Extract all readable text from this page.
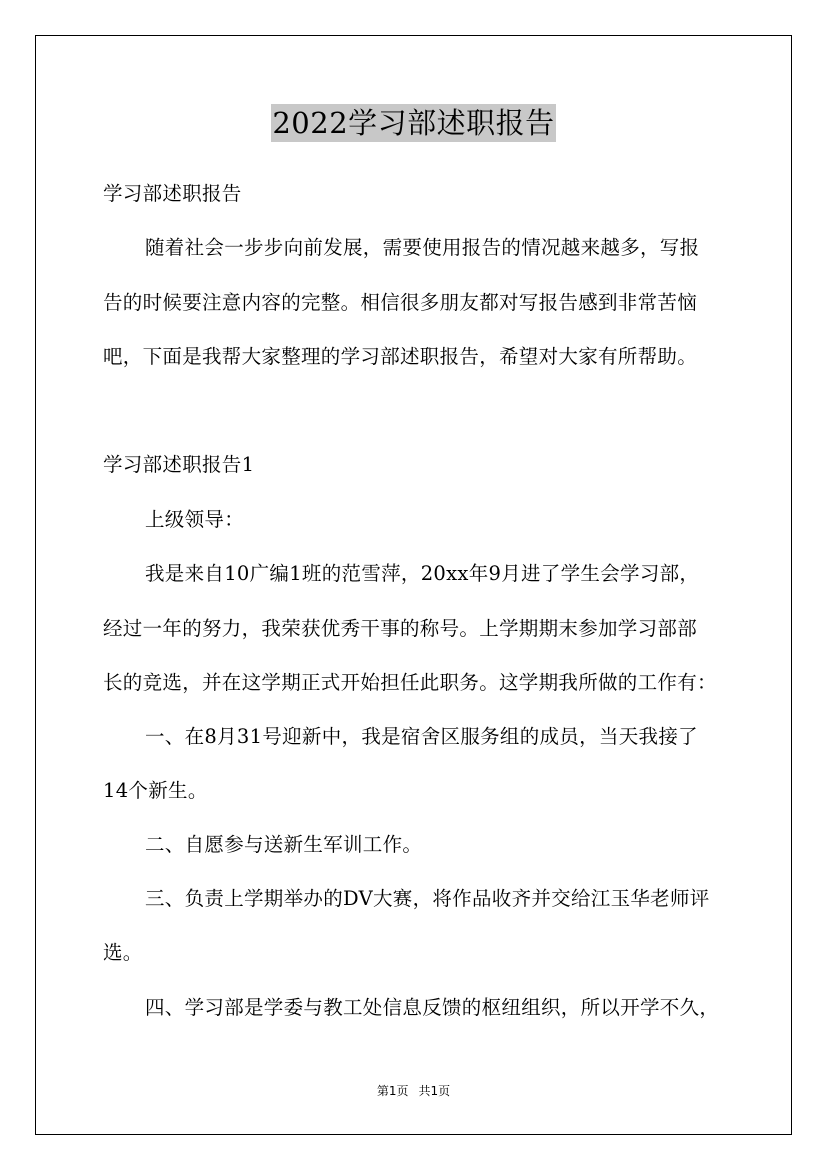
2022学习部述职报告
学习部述职报告
随着社会一步步向前发展，需要使用报告的情况越来越多，写报
告的时候要注意内容的完整。相信很多朋友都对写报告感到非常苦恼
吧，下面是我帮大家整理的学习部述职报告，希望对大家有所帮助。
学习部述职报告1
上级领导：
我是来自10广编1班的范雪萍，20xx年9月进了学生会学习部，
经过一年的努力，我荣获优秀干事的称号。上学期期末参加学习部部
长的竞选，并在这学期正式开始担任此职务。这学期我所做的工作有：
一、在8月31号迎新中，我是宿舍区服务组的成员，当天我接了
14个新生。
二、自愿参与送新生军训工作。
三、负责上学期举办的DV大赛，将作品收齐并交给江玉华老师评
选。
四、学习部是学委与教工处信息反馈的枢纽组织，所以开学不久，
第1页 共1页
